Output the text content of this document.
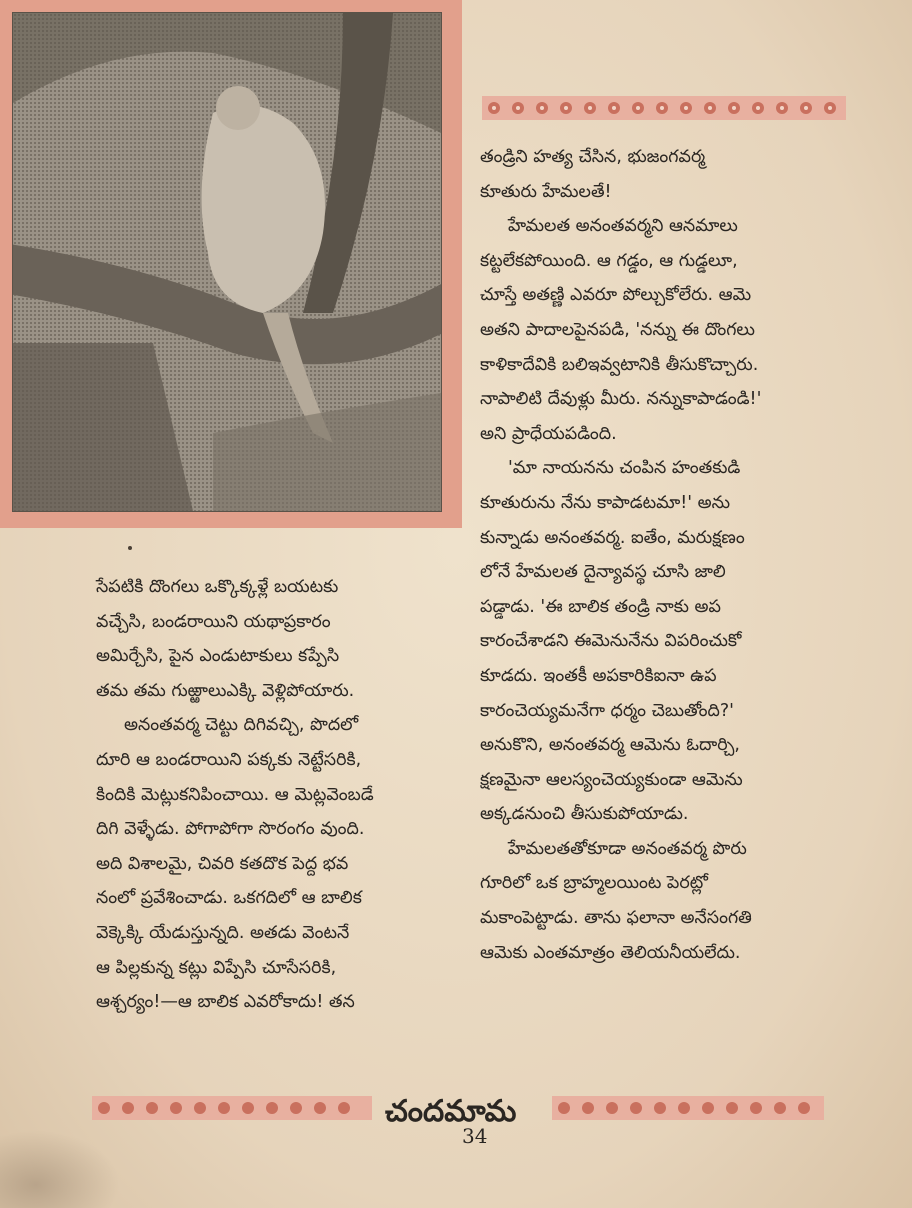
సేపటికి దొంగలు ఒక్కొక్కళ్లే బయటకు

వచ్చేసి, బండరాయిని యథాప్రకారం

అమిర్చేసి, పైన ఎండుటాకులు కప్పేసి

తమ తమ గుఱ్ఱాలుఎక్కి వెళ్లిపోయారు.

అనంతవర్మ చెట్టు దిగివచ్చి, పొదలో

దూరి ఆ బండరాయిని పక్కకు నెట్టేసరికి,

కిందికి మెట్లుకనిపించాయి. ఆ మెట్లవెంబడే

దిగి వెళ్ళేడు. పోగాపోగా సొరంగం వుంది.

అది విశాలమై, చివరి కతదొక పెద్ద భవ

నంలో ప్రవేశించాడు. ఒకగదిలో ఆ బాలిక

వెక్కెక్కి యేడుస్తున్నది. అతడు వెంటనే

ఆ పిల్లకున్న కట్లు విప్పేసి చూసేసరికి,

ఆశ్చర్యం!—ఆ బాలిక ఎవరోకాదు! తన

తండ్రిని హత్య చేసిన, భుజంగవర్మ

కూతురు హేమలతే!

హేమలత అనంతవర్మని ఆనమాలు

కట్టలేకపోయింది. ఆ గడ్డం, ఆ గుడ్డలూ,

చూస్తే అతణ్ణి ఎవరూ పోల్చుకోలేరు. ఆమె

అతని పాదాలపైనపడి, 'నన్ను ఈ దొంగలు

కాళికాదేవికి బలిఇవ్వటానికి తీసుకొచ్చారు.

నాపాలిటి దేవుళ్లు మీరు. నన్నుకాపాడండి!'

అని ప్రాధేయపడింది.

'మా నాయనను చంపిన హంతకుడి

కూతురును నేను కాపాడటమా!' అను

కున్నాడు అనంతవర్మ. ఐతేం, మరుక్షణం

లోనే హేమలత దైన్యావస్థ చూసి జాలి

పడ్డాడు. 'ఈ బాలిక తండ్రి నాకు అప

కారంచేశాడని ఈమెనునేను విపరించుకో

కూడదు. ఇంతకీ అపకారికిఐనా ఉప

కారంచెయ్యమనేగా ధర్మం చెబుతోంది?'

అనుకొని, అనంతవర్మ ఆమెను ఓదార్చి,

క్షణమైనా ఆలస్యంచెయ్యకుండా ఆమెను

అక్కడనుంచి తీసుకుపోయాడు.

హేమలతతోకూడా అనంతవర్మ పొరు

గూరిలో ఒక బ్రాహ్మలయింట పెరట్లో

మకాంపెట్టాడు. తాను ఫలానా అనేసంగతి

ఆమెకు ఎంతమాత్రం తెలియనీయలేదు.

చందమామ
34
